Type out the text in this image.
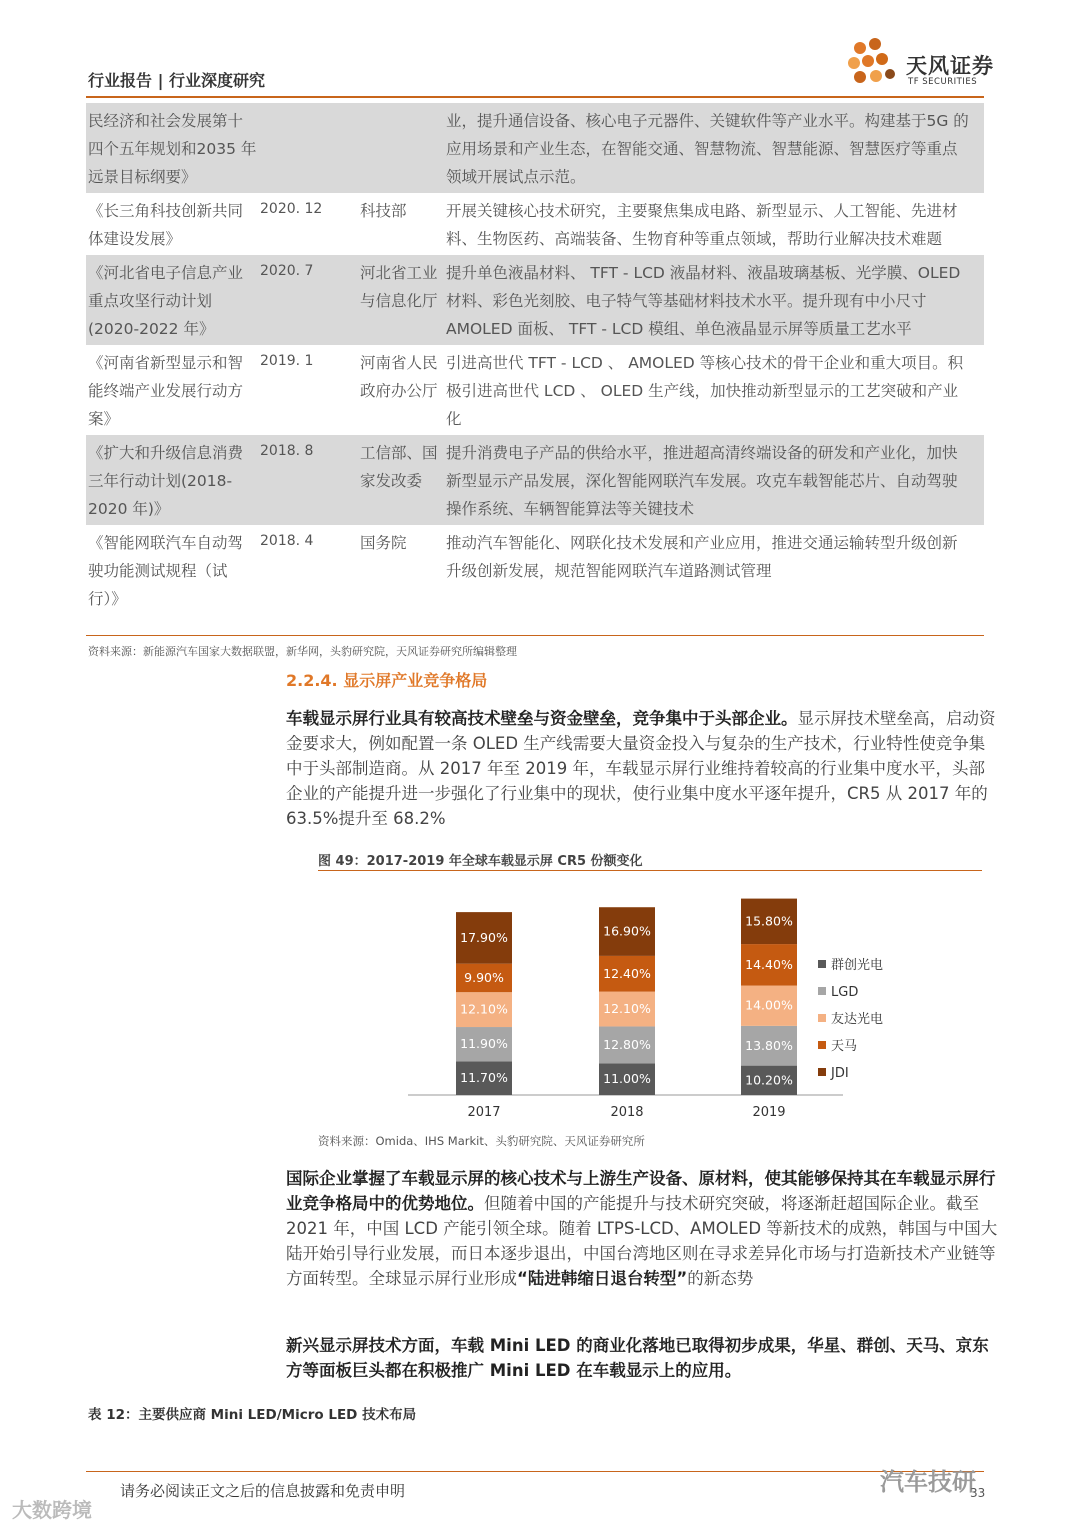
行业报告 | 行业深度研究
天风证券
TF SECURITIES
民经济和社会发展第十四个五年规划和2035 年远景目标纲要》			业，提升通信设备、核心电子元器件、关键软件等产业水平。构建基于5G 的应用场景和产业生态，在智能交通、智慧物流、智慧能源、智慧医疗等重点领域开展试点示范。
《长三角科技创新共同体建设发展》	2020. 12	科技部	开展关键核心技术研究，主要聚焦集成电路、新型显示、人工智能、先进材料、生物医药、高端装备、生物育种等重点领域，帮助行业解决技术难题
《河北省电子信息产业重点攻坚行动计划(2020-2022 年》	2020. 7	河北省工业与信息化厅	提升单色液晶材料、 TFT - LCD 液晶材料、液晶玻璃基板、光学膜、OLED 材料、彩色光刻胶、电子特气等基础材料技术水平。提升现有中小尺寸 AMOLED 面板、 TFT - LCD 模组、单色液晶显示屏等质量工艺水平
《河南省新型显示和智能终端产业发展行动方案》	2019. 1	河南省人民政府办公厅	引进高世代 TFT - LCD 、 AMOLED 等核心技术的骨干企业和重大项目。积极引进高世代 LCD 、 OLED 生产线，加快推动新型显示的工艺突破和产业化
《扩大和升级信息消费三年行动计划(2018-2020 年)》	2018. 8	工信部、国家发改委	提升消费电子产品的供给水平，推进超高清终端设备的研发和产业化，加快新型显示产品发展，深化智能网联汽车发展。攻克车载智能芯片、自动驾驶操作系统、车辆智能算法等关键技术
《智能网联汽车自动驾驶功能测试规程（试行）》	2018. 4	国务院	推动汽车智能化、网联化技术发展和产业应用，推进交通运输转型升级创新升级创新发展，规范智能网联汽车道路测试管理
资料来源：新能源汽车国家大数据联盟，新华网，头豹研究院，天风证券研究所编辑整理
2.2.4. 显示屏产业竞争格局
车载显示屏行业具有较高技术壁垒与资金壁垒，竞争集中于头部企业。显示屏技术壁垒高，启动资金要求大，例如配置一条 OLED 生产线需要大量资金投入与复杂的生产技术，行业特性使竞争集中于头部制造商。从 2017 年至 2019 年，车载显示屏行业维持着较高的行业集中度水平，头部企业的产能提升进一步强化了行业集中的现状，使行业集中度水平逐年提升，CR5 从 2017 年的 63.5%提升至 68.2%
图 49：2017-2019 年全球车载显示屏 CR5 份额变化
11.70%
11.90%
12.10%
9.90%
17.90%
2017
11.00%
12.80%
12.10%
12.40%
16.90%
2018
10.20%
13.80%
14.00%
14.40%
15.80%
2019
群创光电
LGD
友达光电
天马
JDI
资料来源：Omida、IHS Markit、头豹研究院、天风证券研究所
国际企业掌握了车载显示屏的核心技术与上游生产设备、原材料，使其能够保持其在车载显示屏行业竞争格局中的优势地位。但随着中国的产能提升与技术研究突破，将逐渐赶超国际企业。截至 2021 年，中国 LCD 产能引领全球。随着 LTPS-LCD、AMOLED 等新技术的成熟，韩国与中国大陆开始引导行业发展，而日本逐步退出，中国台湾地区则在寻求差异化市场与打造新技术产业链等方面转型。全球显示屏行业形成“陆进韩缩日退台转型”的新态势
新兴显示屏技术方面，车载 Mini LED 的商业化落地已取得初步成果，华星、群创、天马、京东方等面板巨头都在积极推广 Mini LED 在车载显示上的应用。
表 12：主要供应商 Mini LED/Micro LED 技术布局
请务必阅读正文之后的信息披露和免责申明
大数跨境
汽车技研
33
